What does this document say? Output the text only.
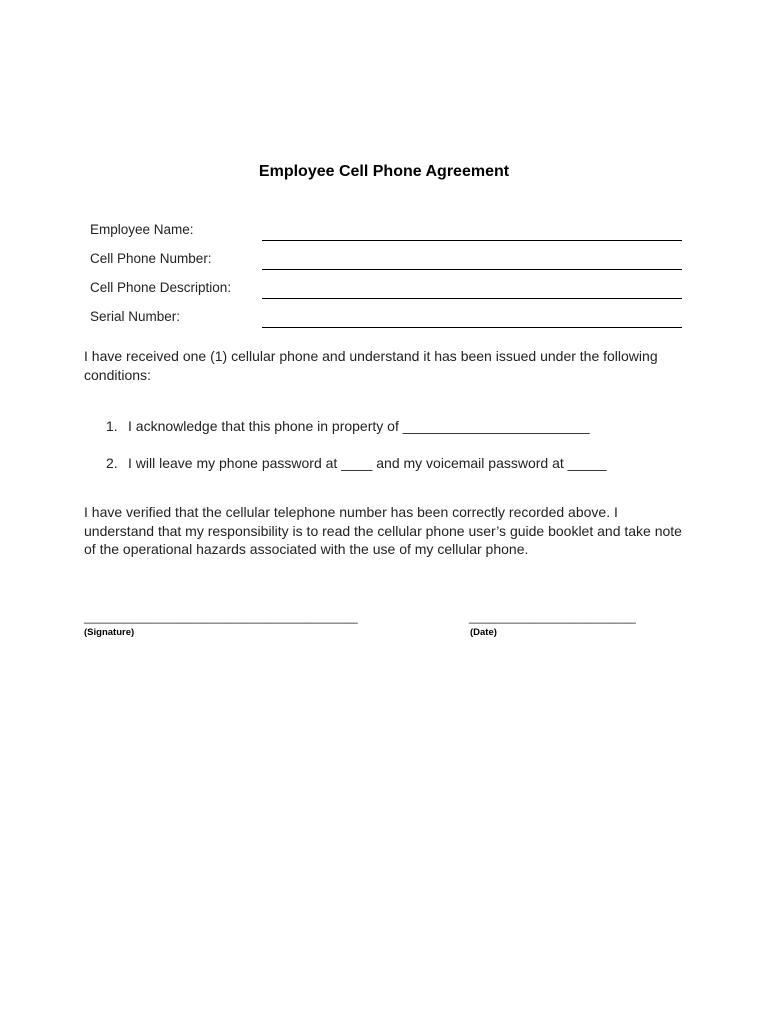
Employee Cell Phone Agreement
Employee Name:
Cell Phone Number:
Cell Phone Description:
Serial Number:

I have received one (1) cellular phone and understand it has been issued under the following conditions:

1. I acknowledge that this phone in property of ________________________
2. I will leave my phone password at ____ and my voicemail password at _____

I have verified that the cellular telephone number has been correctly recorded above. I understand that my responsibility is to read the cellular phone user’s guide booklet and take note of the operational hazards associated with the use of my cellular phone.

_________________________________________
(Signature)
_________________________
(Date)
